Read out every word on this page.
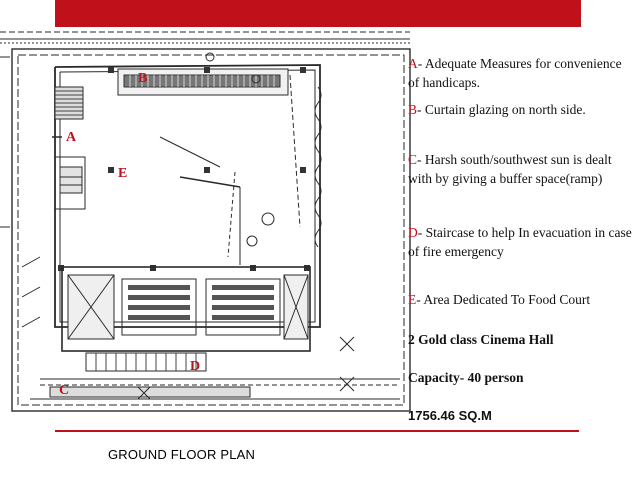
B
A
E
D
C
A- Adequate Measures for convenience of handicaps.
B- Curtain glazing on north side.
C- Harsh south/southwest sun is dealt with by giving a buffer space(ramp)
D- Staircase to help In evacuation in case of fire emergency
E- Area Dedicated To Food Court
2 Gold class Cinema Hall
Capacity- 40 person
1756.46 SQ.M
GROUND FLOOR PLAN
